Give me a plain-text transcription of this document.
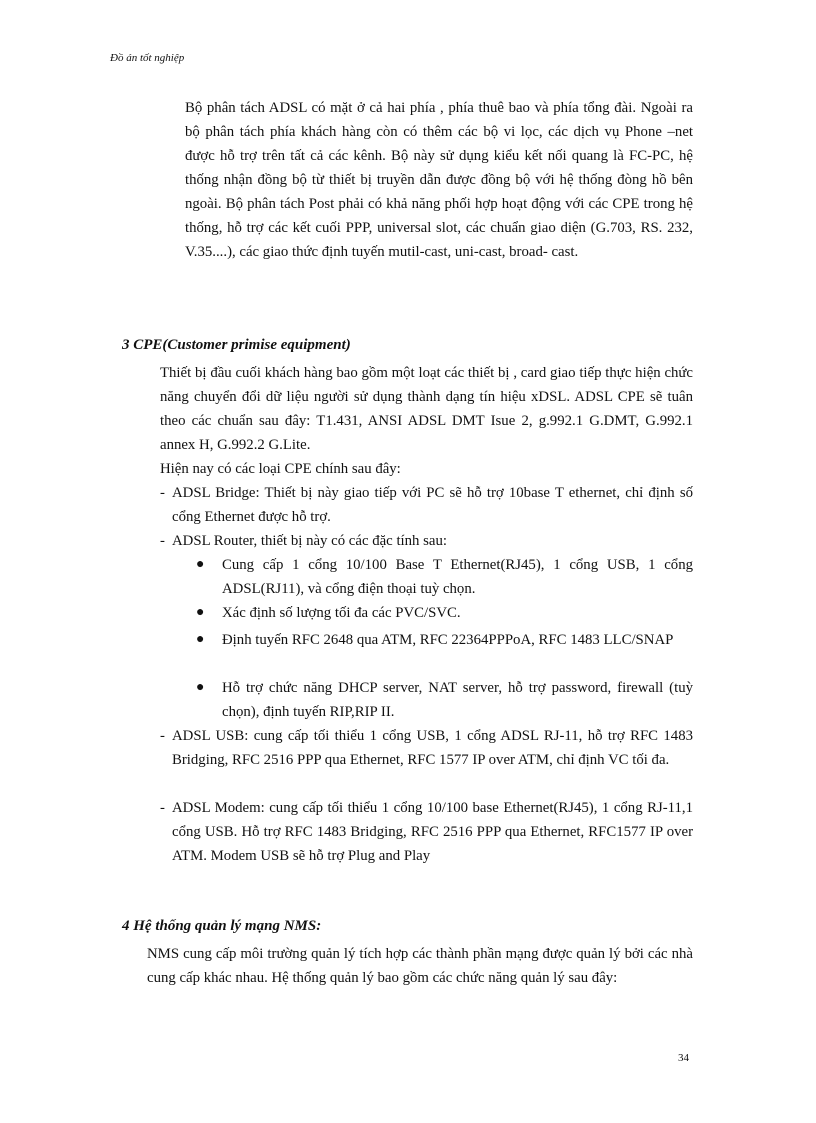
Đồ án tốt nghiệp
Bộ phân tách ADSL có mặt ở cả hai phía , phía thuê bao và phía tổng đài. Ngoài ra bộ phân tách phía khách hàng còn có thêm các bộ vi lọc, các dịch vụ Phone –net được hỗ trợ trên tất cả các kênh. Bộ này sử dụng kiểu kết nối quang là FC-PC, hệ thống nhận đồng bộ từ thiết bị truyền dẫn được đồng bộ với hệ thống đòng hồ bên ngoài. Bộ phân tách Post phải có khả năng phối hợp hoạt động với các CPE trong hệ thống, hỗ trợ các kết cuối PPP, universal slot, các chuẩn giao diện (G.703, RS. 232, V.35....), các giao thức định tuyến mutil-cast, uni-cast, broad- cast.
3 CPE(Customer primise equipment)
Thiết bị đầu cuối khách hàng bao gồm một loạt các thiết bị , card giao tiếp thực hiện chức năng chuyển đổi dữ liệu người sử dụng thành dạng tín hiệu xDSL. ADSL CPE sẽ tuân theo các chuẩn sau đây: T1.431, ANSI ADSL DMT Isue 2, g.992.1 G.DMT, G.992.1 annex H, G.992.2 G.Lite.
Hiện nay có các loại CPE chính sau đây:
- ADSL Bridge: Thiết bị này giao tiếp với PC sẽ hỗ trợ 10base T ethernet, chỉ định số cổng Ethernet được hỗ trợ.
- ADSL Router, thiết bị này có các đặc tính sau:
● Cung cấp 1 cổng 10/100 Base T Ethernet(RJ45), 1 cổng USB, 1 cổng ADSL(RJ11), và cổng điện thoại tuỳ chọn.
● Xác định số lượng tối đa các PVC/SVC.
● Định tuyến RFC 2648 qua ATM, RFC 22364PPPoA, RFC 1483 LLC/SNAP
● Hỗ trợ chức năng DHCP server, NAT server, hỗ trợ password, firewall (tuỳ chọn), định tuyến RIP,RIP II.
- ADSL USB: cung cấp tối thiểu 1 cổng USB, 1 cổng ADSL RJ-11, hỗ trợ RFC 1483 Bridging, RFC 2516 PPP qua Ethernet, RFC 1577 IP over ATM, chỉ định VC tối đa.
- ADSL Modem: cung cấp tối thiểu 1 cổng 10/100 base Ethernet(RJ45), 1 cổng RJ-11,1 cổng USB. Hỗ trợ RFC 1483 Bridging, RFC 2516 PPP qua Ethernet, RFC1577 IP over ATM. Modem USB sẽ hỗ trợ Plug and Play
4 Hệ thống quản lý mạng NMS:
NMS cung cấp môi trường quản lý tích hợp các thành phần mạng được quản lý bởi các nhà cung cấp khác nhau. Hệ thống quản lý bao gồm các chức năng quản lý sau đây:
34
